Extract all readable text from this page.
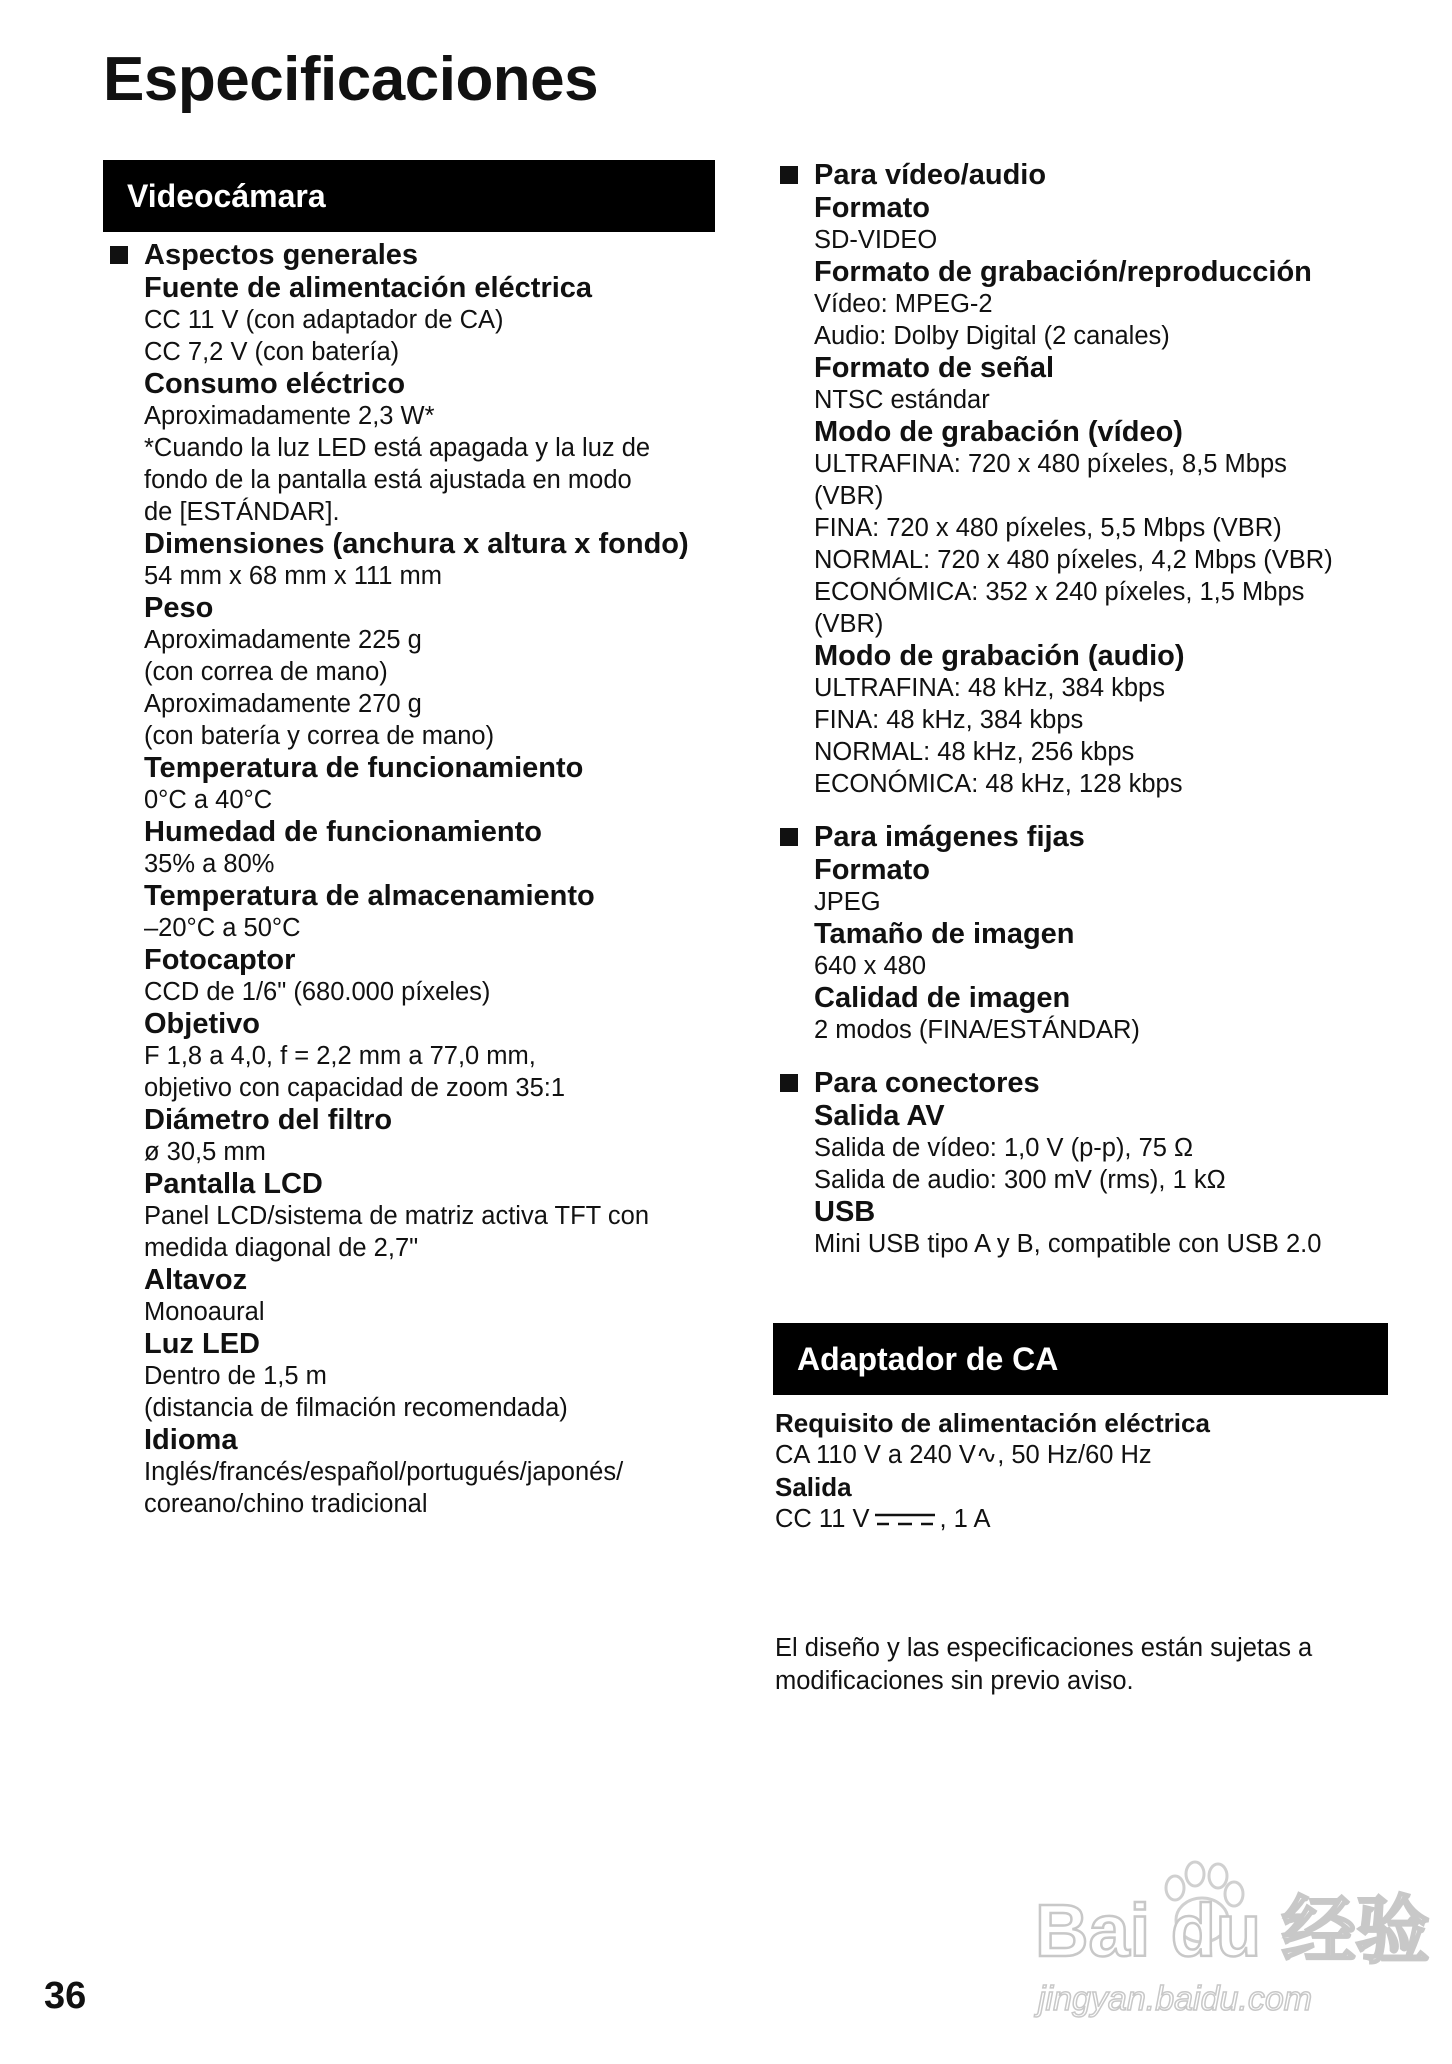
Especificaciones
Videocámara
Aspectos generales
Fuente de alimentación eléctrica
CC 11 V (con adaptador de CA)
CC 7,2 V (con batería)
Consumo eléctrico
Aproximadamente 2,3 W*
*Cuando la luz LED está apagada y la luz de
fondo de la pantalla está ajustada en modo
de [ESTÁNDAR].
Dimensiones (anchura x altura x fondo)
54 mm x 68 mm x 111 mm
Peso
Aproximadamente 225 g
(con correa de mano)
Aproximadamente 270 g
(con batería y correa de mano)
Temperatura de funcionamiento
0°C a 40°C
Humedad de funcionamiento
35% a 80%
Temperatura de almacenamiento
–20°C a 50°C
Fotocaptor
CCD de 1/6" (680.000 píxeles)
Objetivo
F 1,8 a 4,0, f = 2,2 mm a 77,0 mm,
objetivo con capacidad de zoom 35:1
Diámetro del filtro
ø 30,5 mm
Pantalla LCD
Panel LCD/sistema de matriz activa TFT con
medida diagonal de 2,7"
Altavoz
Monoaural
Luz LED
Dentro de 1,5 m
(distancia de filmación recomendada)
Idioma
Inglés/francés/español/portugués/japonés/
coreano/chino tradicional
Para vídeo/audio
Formato
SD-VIDEO
Formato de grabación/reproducción
Vídeo: MPEG-2
Audio: Dolby Digital (2 canales)
Formato de señal
NTSC estándar
Modo de grabación (vídeo)
ULTRAFINA: 720 x 480 píxeles, 8,5 Mbps
(VBR)
FINA: 720 x 480 píxeles, 5,5 Mbps (VBR)
NORMAL: 720 x 480 píxeles, 4,2 Mbps (VBR)
ECONÓMICA: 352 x 240 píxeles, 1,5 Mbps
(VBR)
Modo de grabación (audio)
ULTRAFINA: 48 kHz, 384 kbps
FINA: 48 kHz, 384 kbps
NORMAL: 48 kHz, 256 kbps
ECONÓMICA: 48 kHz, 128 kbps
Para imágenes fijas
Formato
JPEG
Tamaño de imagen
640 x 480
Calidad de imagen
2 modos (FINA/ESTÁNDAR)
Para conectores
Salida AV
Salida de vídeo: 1,0 V (p-p), 75 Ω
Salida de audio: 300 mV (rms), 1 kΩ
USB
Mini USB tipo A y B, compatible con USB 2.0
Adaptador de CA
Requisito de alimentación eléctrica
CA 110 V a 240 V∿, 50 Hz/60 Hz
Salida
CC 11 V	, 1 A
El diseño y las especificaciones están sujetas a modificaciones sin previo aviso.
36
Bai du 经验
jingyan.baidu.com
